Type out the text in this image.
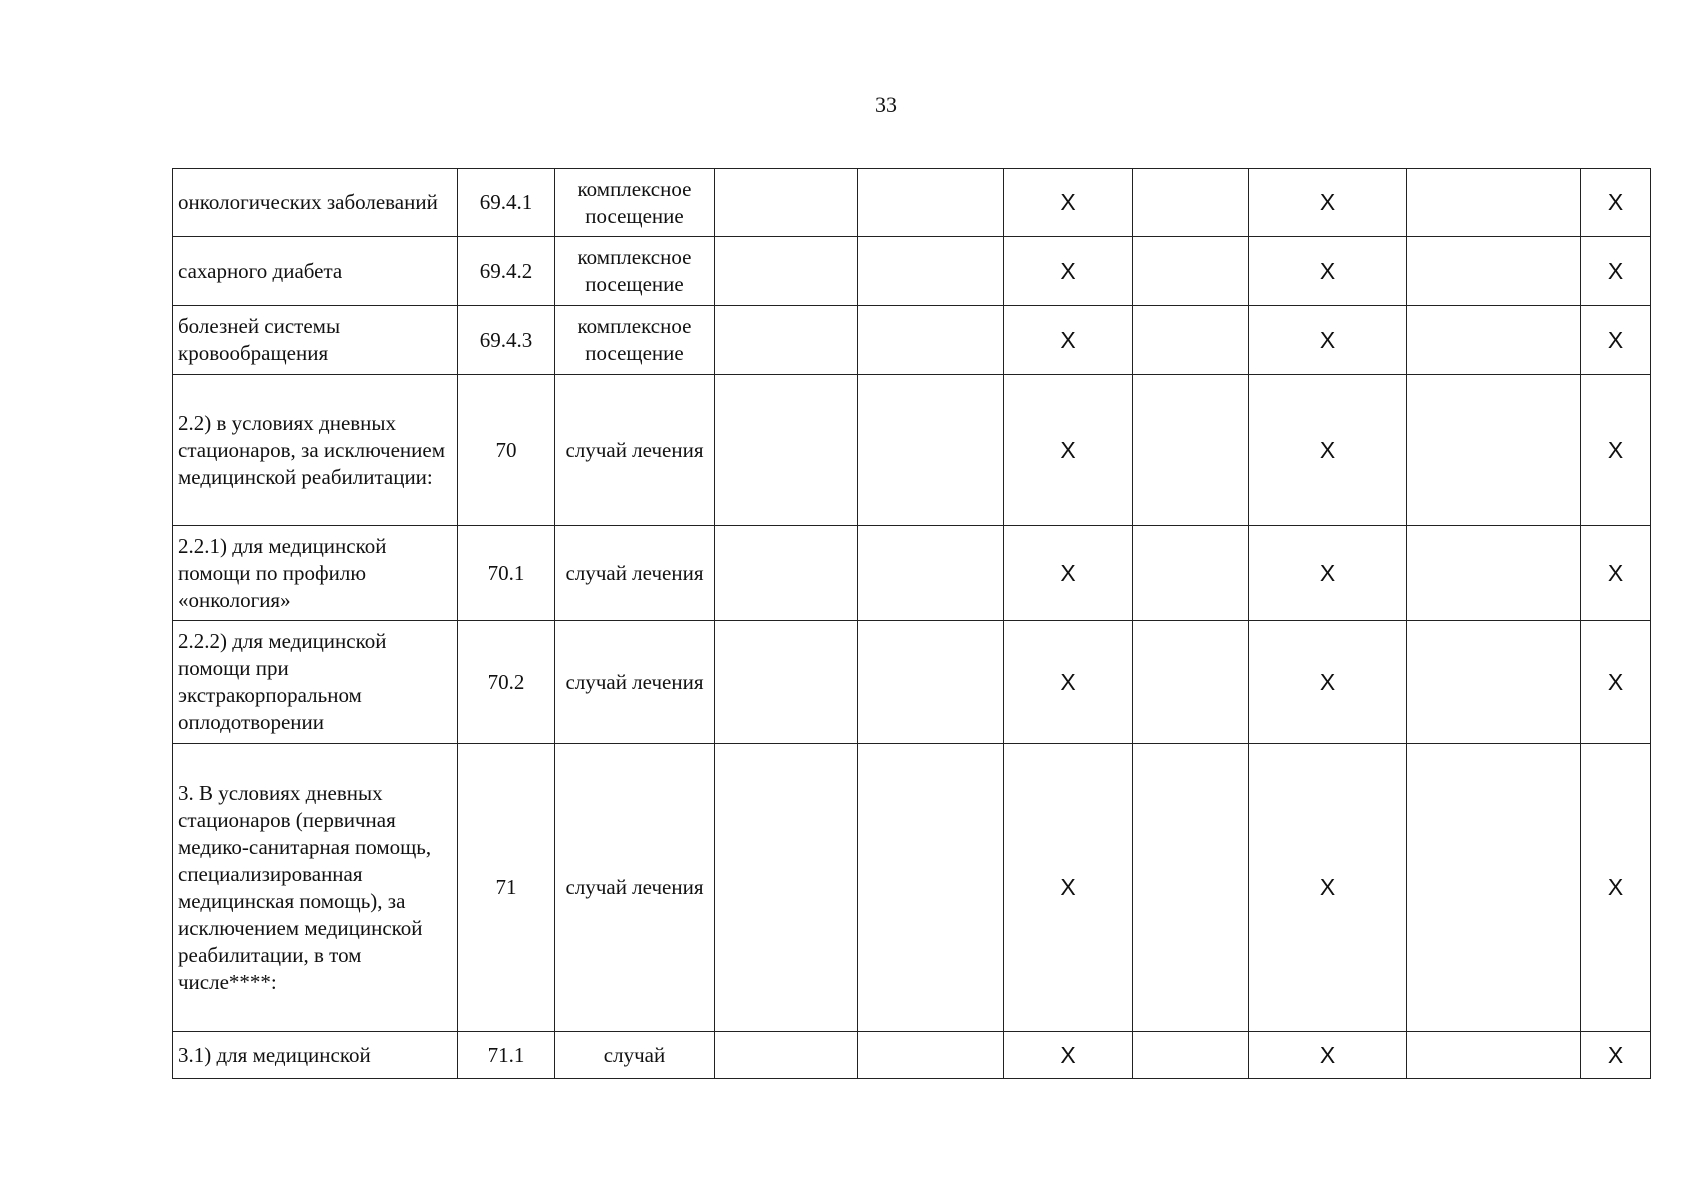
33
онкологических заболеваний	69.4.1	комплексное посещение			X		X		X
сахарного диабета	69.4.2	комплексное посещение			X		X		X
болезней системы кровообращения	69.4.3	комплексное посещение			X		X		X
2.2) в условиях дневных стационаров, за исключением медицинской реабилитации:	70	случай лечения			X		X		X
2.2.1) для медицинской помощи по профилю «онкология»	70.1	случай лечения			X		X		X
2.2.2) для медицинской помощи при экстракорпоральном оплодотворении	70.2	случай лечения			X		X		X
3. В условиях дневных стационаров (первичная медико-санитарная помощь, специализированная медицинская помощь), за исключением медицинской реабилитации, в том числе****:	71	случай лечения			X		X		X
3.1) для медицинской	71.1	случай			X		X		X
